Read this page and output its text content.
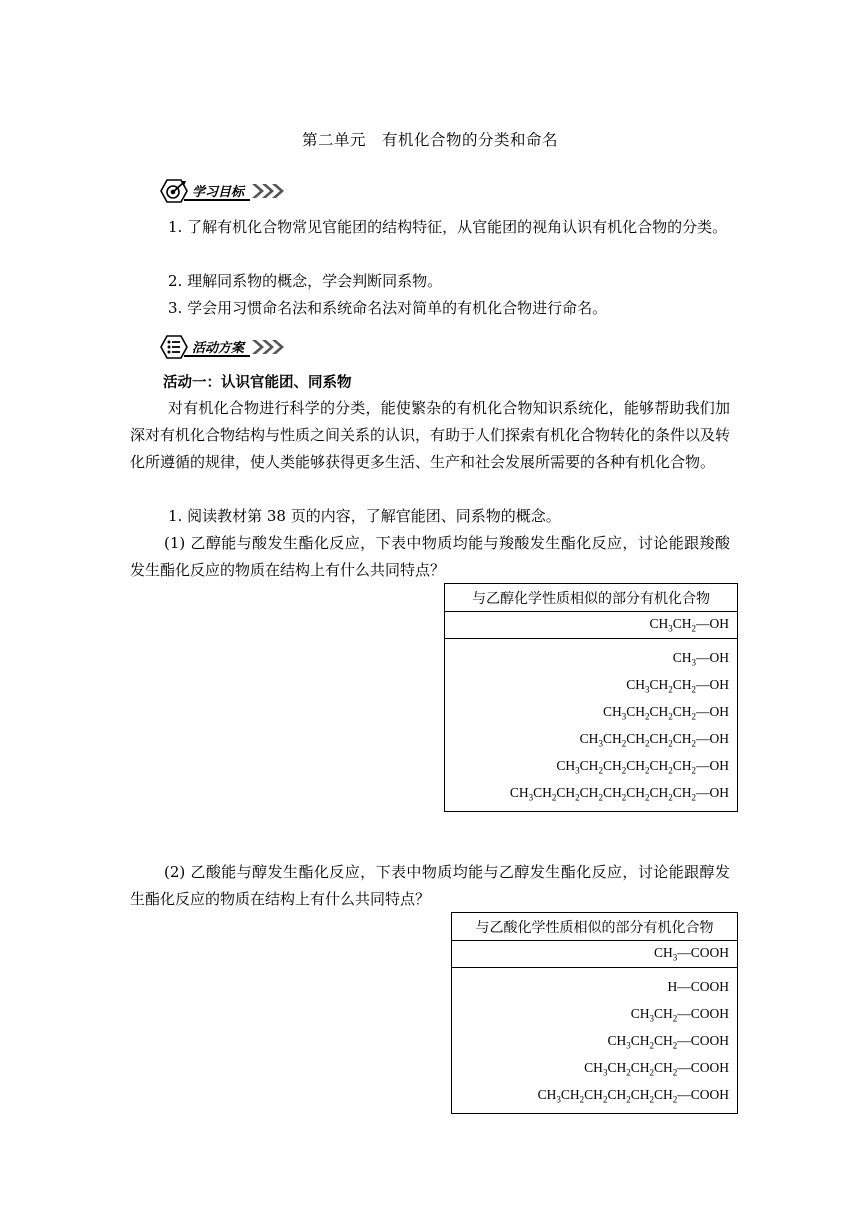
第二单元　有机化合物的分类和命名
学习目标
1. 了解有机化合物常见官能团的结构特征，从官能团的视角认识有机化合物的分类。
2. 理解同系物的概念，学会判断同系物。
3. 学会用习惯命名法和系统命名法对简单的有机化合物进行命名。
活动方案
活动一：认识官能团、同系物
对有机化合物进行科学的分类，能使繁杂的有机化合物知识系统化，能够帮助我们加深对有机化合物结构与性质之间关系的认识，有助于人们探索有机化合物转化的条件以及转化所遵循的规律，使人类能够获得更多生活、生产和社会发展所需要的各种有机化合物。
1. 阅读教材第 38 页的内容，了解官能团、同系物的概念。
(1) 乙醇能与酸发生酯化反应，下表中物质均能与羧酸发生酯化反应，讨论能跟羧酸发生酯化反应的物质在结构上有什么共同特点？
与乙醇化学性质相似的部分有机化合物
$CH_3CH_2—OH$

$CH_3—OH$
$CH_3CH_2CH_2—OH$
$CH_3CH_2CH_2CH_2—OH$
$CH_3CH_2CH_2CH_2CH_2—OH$
$CH_3CH_2CH_2CH_2CH_2CH_2—OH$
$CH_3CH_2CH_2CH_2CH_2CH_2CH_2CH_2—OH$
(2) 乙酸能与醇发生酯化反应，下表中物质均能与乙醇发生酯化反应，讨论能跟醇发生酯化反应的物质在结构上有什么共同特点？
与乙酸化学性质相似的部分有机化合物
$CH_3—COOH$

H—COOH
$CH_3CH_2—COOH$
$CH_3CH_2CH_2—COOH$
$CH_3CH_2CH_2CH_2—COOH$
$CH_3CH_2CH_2CH_2CH_2CH_2—COOH$
